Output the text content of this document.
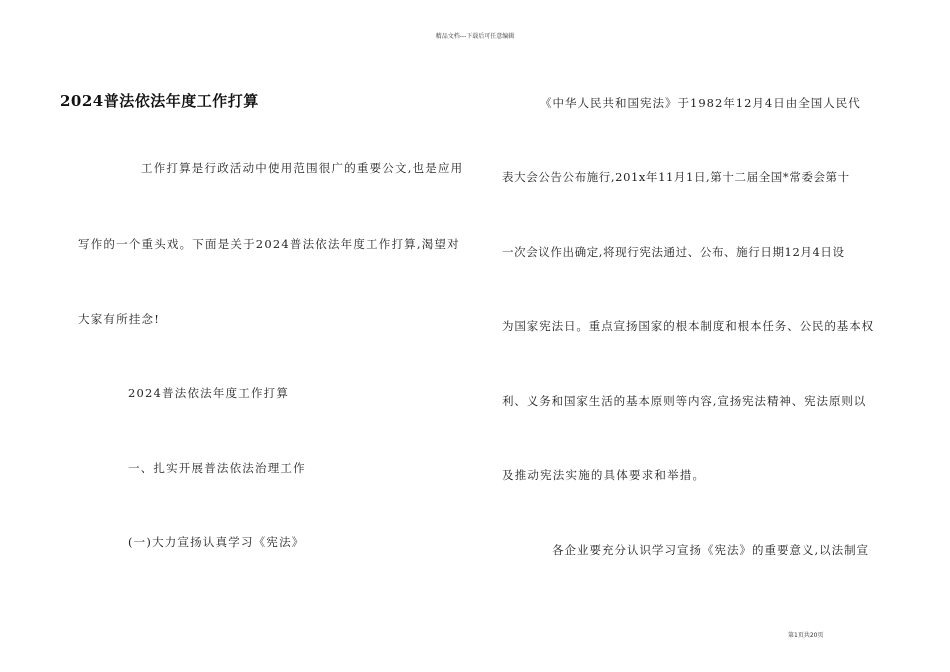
精品文档---下载后可任意编辑
2024普法依法年度工作打算
工作打算是行政活动中使用范围很广的重要公文,也是应用
写作的一个重头戏。下面是关于2024普法依法年度工作打算,渴望对
大家有所挂念!
2024普法依法年度工作打算
一、扎实开展普法依法治理工作
(一)大力宣扬认真学习《宪法》
《中华人民共和国宪法》于1982年12月4日由全国人民代
表大会公告公布施行,201x年11月1日,第十二届全国*常委会第十
一次会议作出确定,将现行宪法通过、公布、施行日期12月4日设
为国家宪法日。重点宣扬国家的根本制度和根本任务、公民的基本权
利、义务和国家生活的基本原则等内容,宣扬宪法精神、宪法原则以
及推动宪法实施的具体要求和举措。
各企业要充分认识学习宣扬《宪法》的重要意义,以法制宣
第1页共20页
